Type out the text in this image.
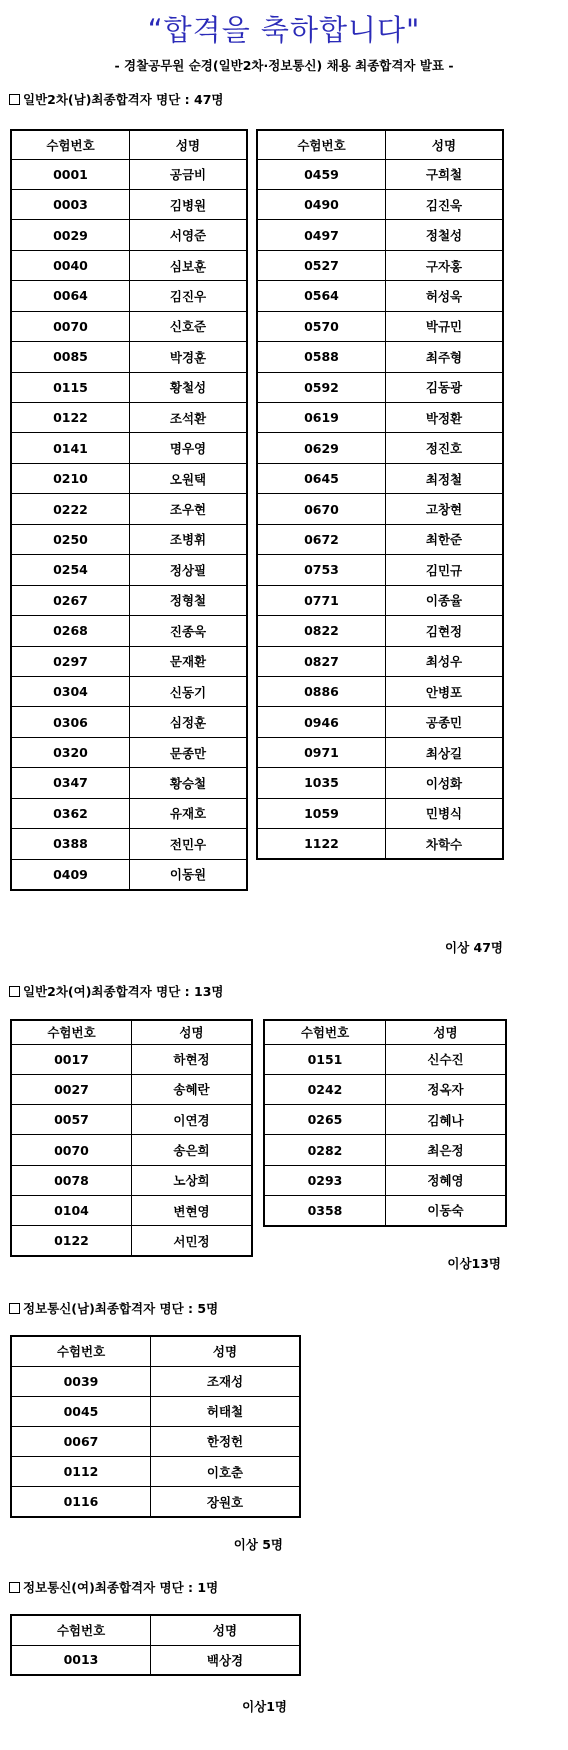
“합격을 축하합니다"
- 경찰공무원 순경(일반2차·정보통신) 채용 최종합격자 발표 -
일반2차(남)최종합격자 명단 : 47명
수험번호	성명
0001	공금비
0003	김병원
0029	서영준
0040	심보훈
0064	김진우
0070	신호준
0085	박경훈
0115	황철성
0122	조석환
0141	명우영
0210	오원택
0222	조우현
0250	조병휘
0254	정상필
0267	정형철
0268	진종욱
0297	문재환
0304	신동기
0306	심정훈
0320	문종만
0347	황승철
0362	유재호
0388	전민우
0409	이동원
수험번호	성명
0459	구희철
0490	김진욱
0497	정철성
0527	구자홍
0564	허성욱
0570	박규민
0588	최주형
0592	김동광
0619	박정환
0629	정진호
0645	최정철
0670	고창현
0672	최한준
0753	김민규
0771	이종율
0822	김현정
0827	최성우
0886	안병포
0946	공종민
0971	최상길
1035	이성화
1059	민병식
1122	차학수
이상 47명
일반2차(여)최종합격자 명단 : 13명
수험번호	성명
0017	하현정
0027	송혜란
0057	이연경
0070	송은희
0078	노상희
0104	변현영
0122	서민정
수험번호	성명
0151	신수진
0242	정옥자
0265	김혜나
0282	최은정
0293	정혜영
0358	이동숙
이상13명
정보통신(남)최종합격자 명단 : 5명
수험번호	성명
0039	조재성
0045	허태철
0067	한정헌
0112	이호춘
0116	장원호
이상 5명
정보통신(여)최종합격자 명단 : 1명
수험번호	성명
0013	백상경
이상1명
